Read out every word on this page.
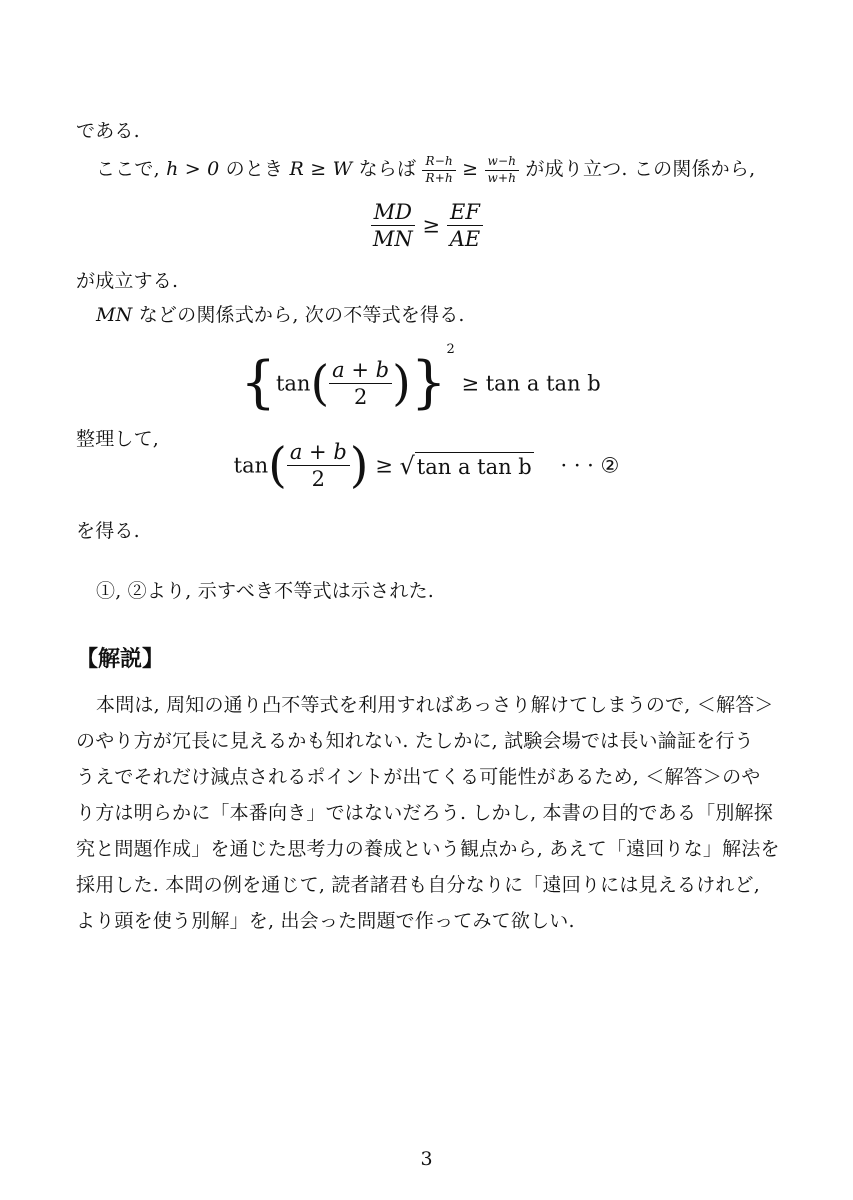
である.
ここで, h > 0 のとき R ≥ W ならば $\frac{R-h}{R+h} \ge \frac{w-h}{w+h}$ が成り立つ. この関係から,
$\frac{MD}{MN} \ge \frac{EF}{AE}$
が成立する.
MN などの関係式から, 次の不等式を得る.
$\{\tan( \frac{a + b}{2} )\}^2 \ge \tan a$ tan b
整理して,
$\tan( \frac{a + b}{2}$ ) ≥ √tan a tan b · · · ②
を得る.
①, ②より, 示すべき不等式は示された.
【解説】
本問は, 周知の通り凸不等式を利用すればあっさり解けてしまうので, ＜解答＞
のやり方が冗長に見えるかも知れない. たしかに, 試験会場では長い論証を行う
うえでそれだけ減点されるポイントが出てくる可能性があるため, ＜解答＞のや
り方は明らかに「本番向き」ではないだろう. しかし, 本書の目的である「別解探
究と問題作成」を通じた思考力の養成という観点から, あえて「遠回りな」解法を
採用した. 本問の例を通じて, 読者諸君も自分なりに「遠回りには見えるけれど,
より頭を使う別解」を, 出会った問題で作ってみて欲しい.
3
